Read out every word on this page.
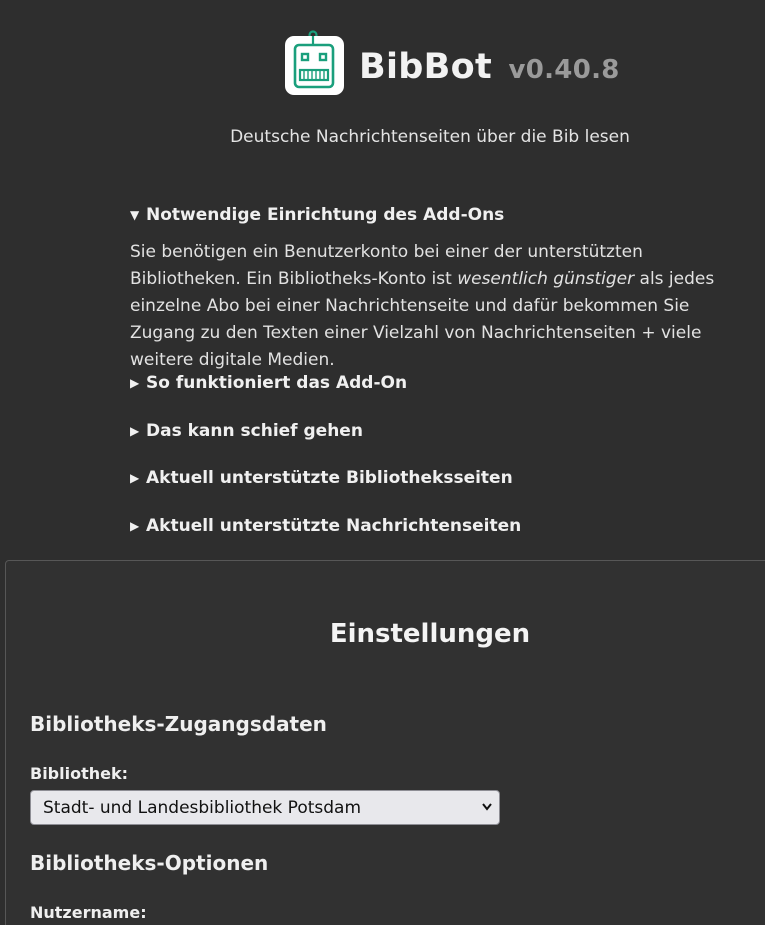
BibBot v0.40.8
Deutsche Nachrichtenseiten über die Bib lesen
▼ Notwendige Einrichtung des Add-Ons
Sie benötigen ein Benutzerkonto bei einer der unterstützten Bibliotheken. Ein Bibliotheks-Konto ist wesentlich günstiger als jedes einzelne Abo bei einer Nachrichtenseite und dafür bekommen Sie Zugang zu den Texten einer Vielzahl von Nachrichtenseiten + viele weitere digitale Medien.
▶ So funktioniert das Add-On
▶ Das kann schief gehen
▶ Aktuell unterstützte Bibliotheksseiten
▶ Aktuell unterstützte Nachrichtenseiten
Einstellungen
Bibliotheks-Zugangsdaten
Bibliothek:
Stadt- und Landesbibliothek Potsdam
Bibliotheks-Optionen
Nutzername:
